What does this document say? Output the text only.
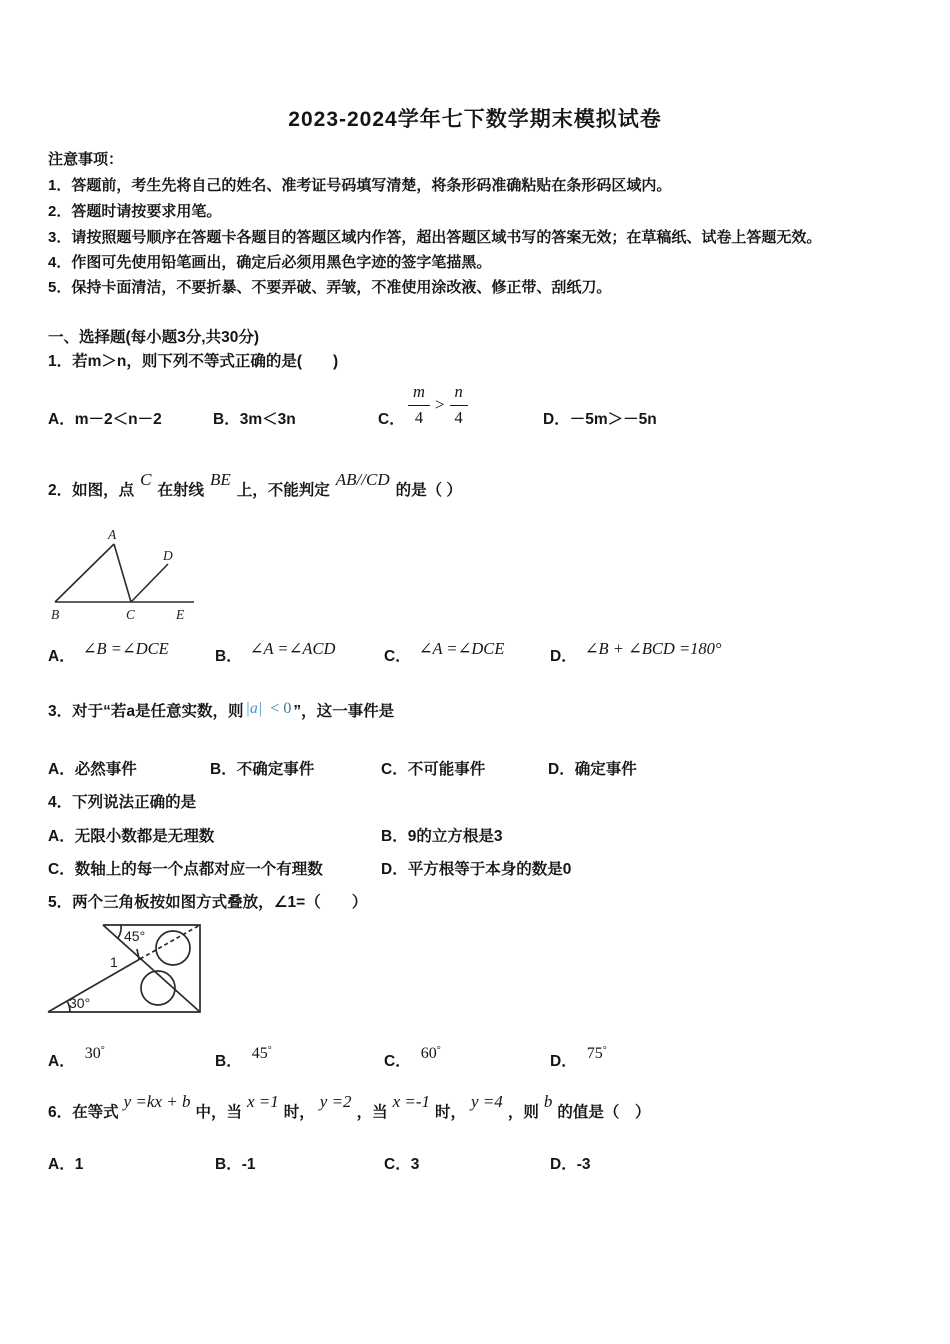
2023-2024学年七下数学期末模拟试卷
注意事项：
1．答题前，考生先将自己的姓名、准考证号码填写清楚，将条形码准确粘贴在条形码区域内。
2．答题时请按要求用笔。
3．请按照题号顺序在答题卡各题目的答题区域内作答，超出答题区域书写的答案无效；在草稿纸、试卷上答题无效。
4．作图可先使用铅笔画出，确定后必须用黑色字迹的签字笔描黑。
5．保持卡面清洁，不要折暴、不要弄破、弄皱，不准使用涂改液、修正带、刮纸刀。
一、选择题(每小题3分,共30分)
1．若m＞n，则下列不等式正确的是(　　)
A．m－2＜n－2	B．3m＜3n	C． $\frac{m}{4} > \frac{n}{4}$	D．－5m＞－5n
2．如图，点C在射线BE上，不能判定AB//CD的是（ ）
A
B	C	E
D
A． ∠B =∠DCE	B． ∠A =∠ACD	C． ∠A =∠DCE	D． ∠B + ∠BCD =180°
3．对于“若a是任意实数，则 |a| < 0 ”，这一事件是
A．必然事件	B．不确定事件	C．不可能事件	D．确定事件
4．下列说法正确的是
A．无限小数都是无理数	B．9的立方根是3
C．数轴上的每一个点都对应一个有理数	D．平方根等于本身的数是0
5．两个三角板按如图方式叠放，∠1=（　　）
45°
1
30°
A． 30°
B． 45°
C． 60°
D． 75°
6．在等式y =kx + b中，当x =1时，y =2，当x =-1时，y =4，则b的值是（　）
A．1	B．-1	C．3	D．-3
